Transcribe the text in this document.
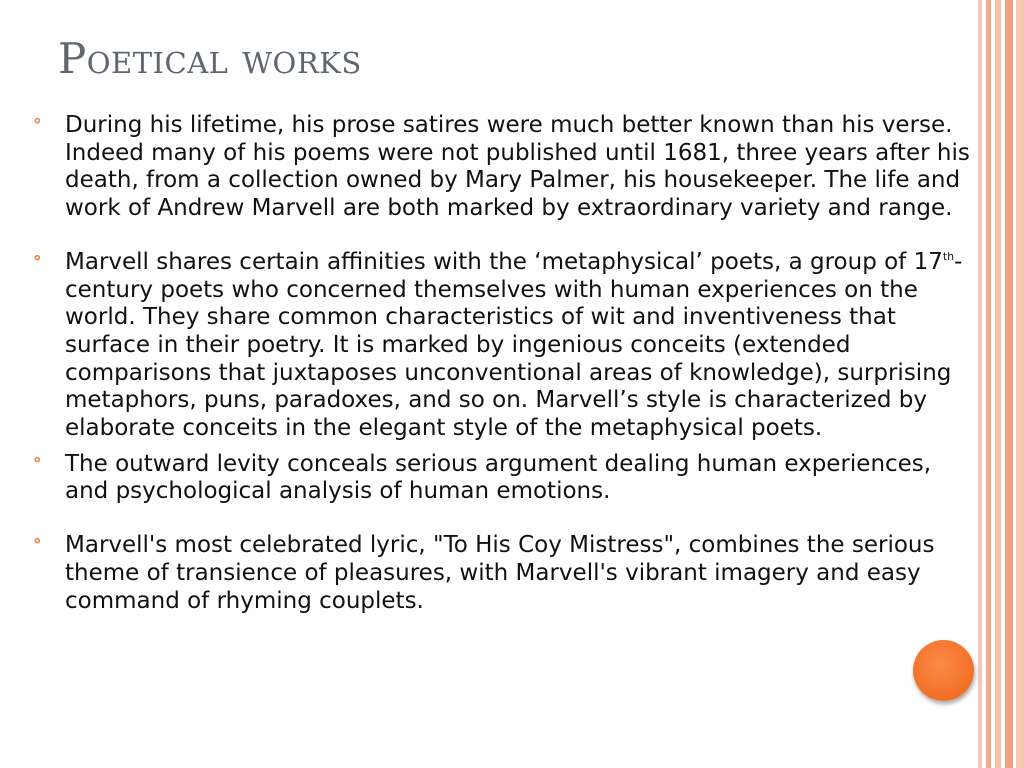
Poetical works
∘ During his lifetime, his prose satires were much better known than his verse. Indeed many of his poems were not published until 1681, three years after his death, from a collection owned by Mary Palmer, his housekeeper. The life and work of Andrew Marvell are both marked by extraordinary variety and range.
∘ Marvell shares certain affinities with the ‘metaphysical’ poets, a group of 17th-century poets who concerned themselves with human experiences on the world. They share common characteristics of wit and inventiveness that surface in their poetry. It is marked by ingenious conceits (extended comparisons that juxtaposes unconventional areas of knowledge), surprising metaphors, puns, paradoxes, and so on. Marvell’s style is characterized by elaborate conceits in the elegant style of the metaphysical poets.
∘ The outward levity conceals serious argument dealing human experiences, and psychological analysis of human emotions.
∘ Marvell's most celebrated lyric, "To His Coy Mistress", combines the serious theme of transience of pleasures, with Marvell's vibrant imagery and easy command of rhyming couplets.
